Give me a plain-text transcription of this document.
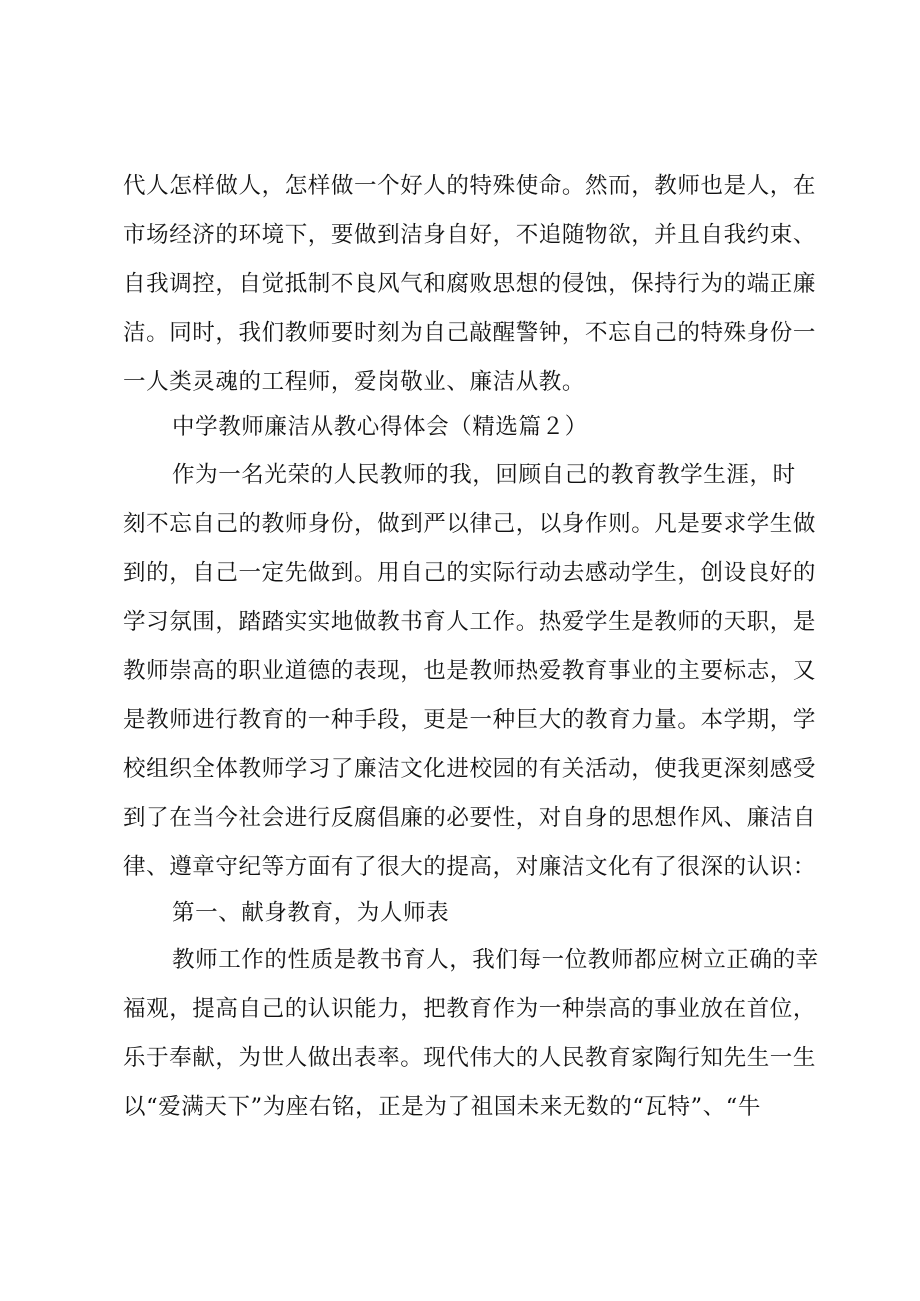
代人怎样做人，怎样做一个好人的特殊使命。然而，教师也是人，在
市场经济的环境下，要做到洁身自好，不追随物欲，并且自我约束、
自我调控，自觉抵制不良风气和腐败思想的侵蚀，保持行为的端正廉
洁。同时，我们教师要时刻为自己敲醒警钟，不忘自己的特殊身份一
一人类灵魂的工程师，爱岗敬业、廉洁从教。
中学教师廉洁从教心得体会（精选篇２）
作为一名光荣的人民教师的我，回顾自己的教育教学生涯，时
刻不忘自己的教师身份，做到严以律己，以身作则。凡是要求学生做
到的，自己一定先做到。用自己的实际行动去感动学生，创设良好的
学习氛围，踏踏实实地做教书育人工作。热爱学生是教师的天职，是
教师崇高的职业道德的表现，也是教师热爱教育事业的主要标志，又
是教师进行教育的一种手段，更是一种巨大的教育力量。本学期，学
校组织全体教师学习了廉洁文化进校园的有关活动，使我更深刻感受
到了在当今社会进行反腐倡廉的必要性，对自身的思想作风、廉洁自
律、遵章守纪等方面有了很大的提高，对廉洁文化有了很深的认识：
第一、献身教育，为人师表
教师工作的性质是教书育人，我们每一位教师都应树立正确的幸
福观，提高自己的认识能力，把教育作为一种崇高的事业放在首位，
乐于奉献，为世人做出表率。现代伟大的人民教育家陶行知先生一生
以“爱满天下”为座右铭，正是为了祖国未来无数的“瓦特”、“牛
